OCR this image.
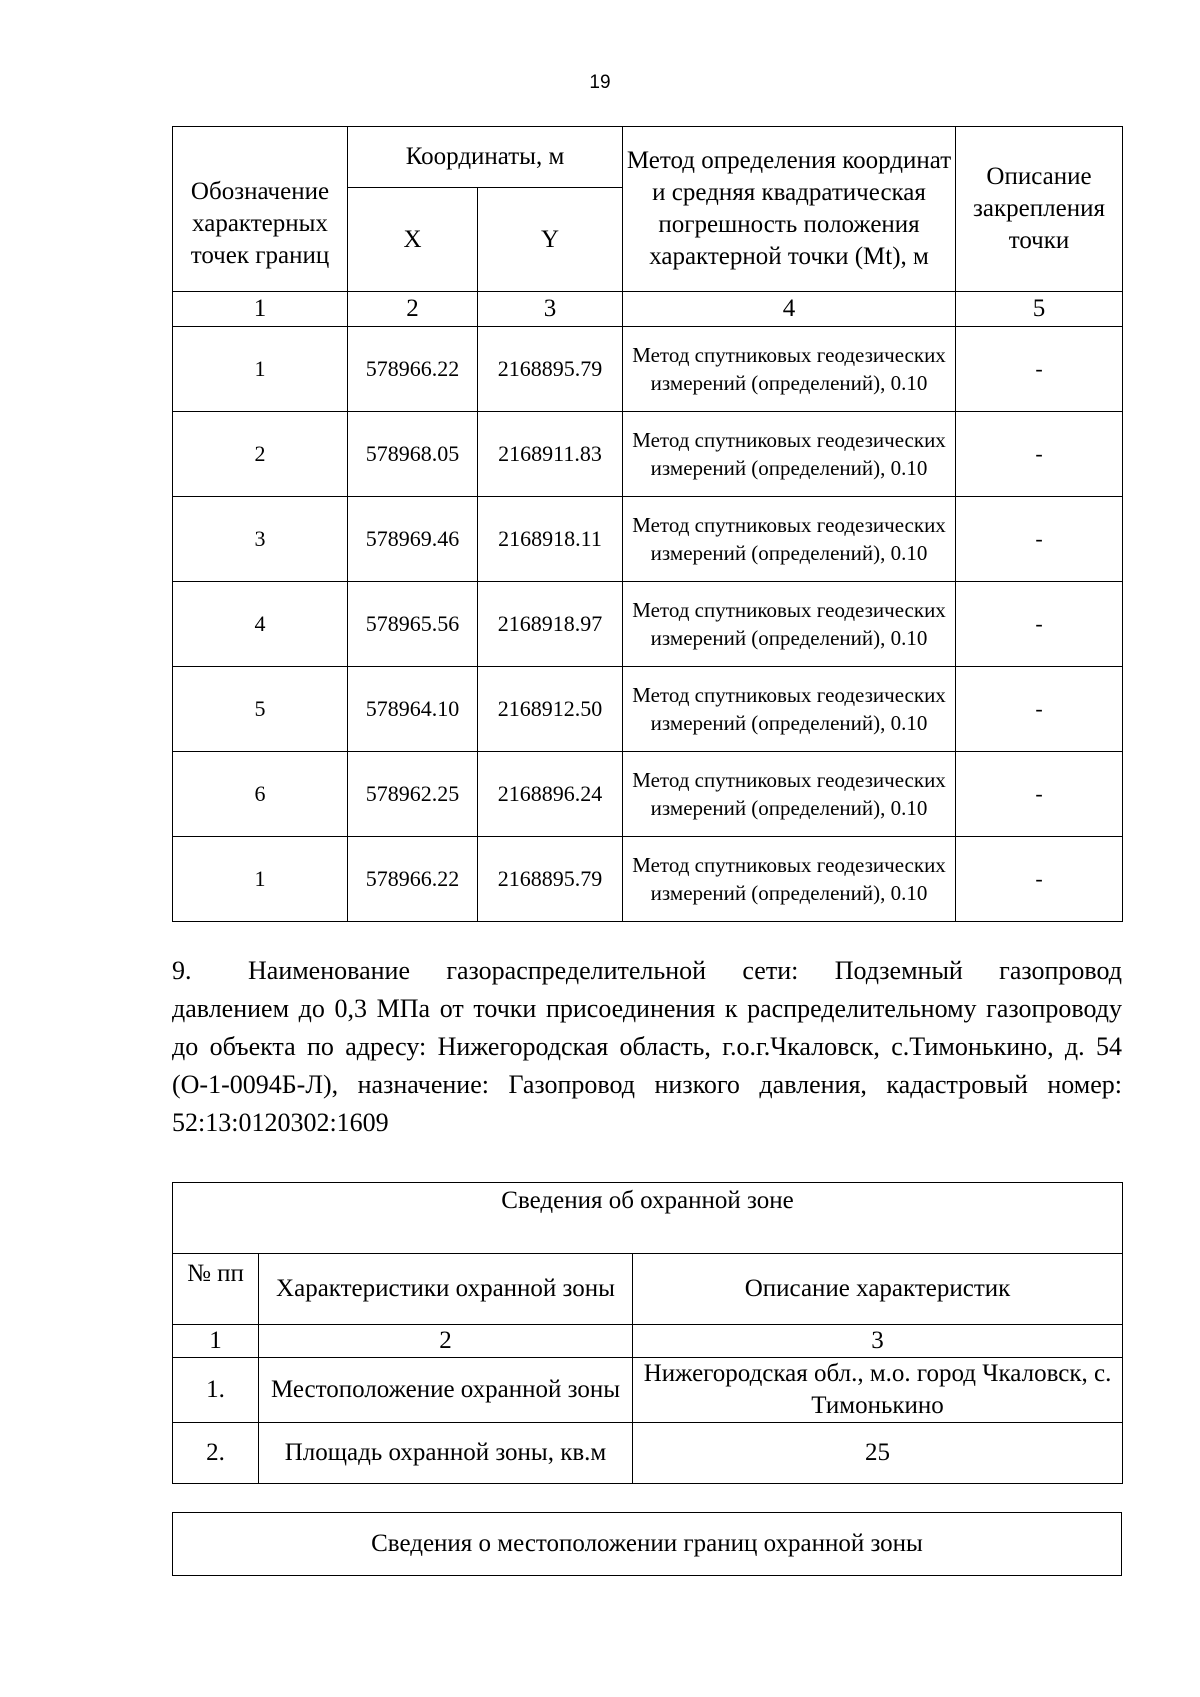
19
Обозначение характерных точек границ	Координаты, м		Метод определения координат и средняя квадратическая погрешность положения характерной точки (Mt), м	Описание закрепления точки
	X	Y		
1	2	3	4	5
1	578966.22	2168895.79	Метод спутниковых геодезических измерений (определений), 0.10	-
2	578968.05	2168911.83	Метод спутниковых геодезических измерений (определений), 0.10	-
3	578969.46	2168918.11	Метод спутниковых геодезических измерений (определений), 0.10	-
4	578965.56	2168918.97	Метод спутниковых геодезических измерений (определений), 0.10	-
5	578964.10	2168912.50	Метод спутниковых геодезических измерений (определений), 0.10	-
6	578962.25	2168896.24	Метод спутниковых геодезических измерений (определений), 0.10	-
1	578966.22	2168895.79	Метод спутниковых геодезических измерений (определений), 0.10	-
9. Наименование газораспределительной сети: Подземный газопровод давлением до 0,3 МПа от точки присоединения к распределительному газопроводу до объекта по адресу: Нижегородская область, г.о.г.Чкаловск, с.Тимонькино, д. 54 (О-1-0094Б-Л), назначение: Газопровод низкого давления, кадастровый номер: 52:13:0120302:1609
Сведения об охранной зоне		
№ пп	Характеристики охранной зоны	Описание характеристик
1	2	3
1.	Местоположение охранной зоны	Нижегородская обл., м.о. город Чкаловск, с. Тимонькино
2.	Площадь охранной зоны, кв.м	25
Сведения о местоположении границ охранной зоны
